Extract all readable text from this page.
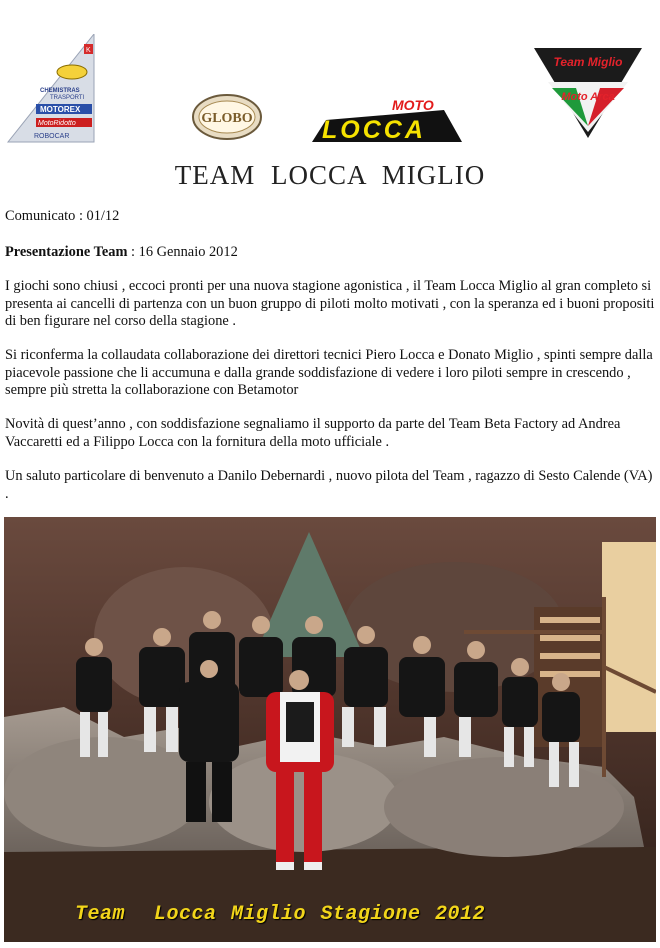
K
CHEMISTRAS
TRASPORTI
MOTOREX
MotoRidotto
ROBOCAR
GLOBO
MOTO
LOCCA
Team Miglio
Moto Arca
TEAM LOCCA MIGLIO
Comunicato : 01/12
Presentazione Team : 16 Gennaio 2012
I giochi sono chiusi , eccoci pronti per una nuova stagione agonistica , il Team Locca Miglio al gran completo si presenta ai cancelli di partenza con un buon gruppo di piloti molto motivati , con la speranza ed i buoni propositi di ben figurare nel corso della stagione .
Si riconferma la collaudata collaborazione dei direttori tecnici Piero Locca e Donato Miglio , spinti sempre dalla piacevole passione che li accumuna e dalla grande soddisfazione di vedere i loro piloti sempre in crescendo , sempre più stretta la collaborazione con Betamotor
Novità di quest’anno , con soddisfazione segnaliamo il supporto da parte del Team Beta Factory ad Andrea Vaccaretti ed a Filippo Locca con la fornitura della moto ufficiale .
Un saluto particolare di benvenuto a Danilo Debernardi , nuovo pilota del Team , ragazzo di Sesto Calende (VA) .
Team  Locca Miglio Stagione 2012
